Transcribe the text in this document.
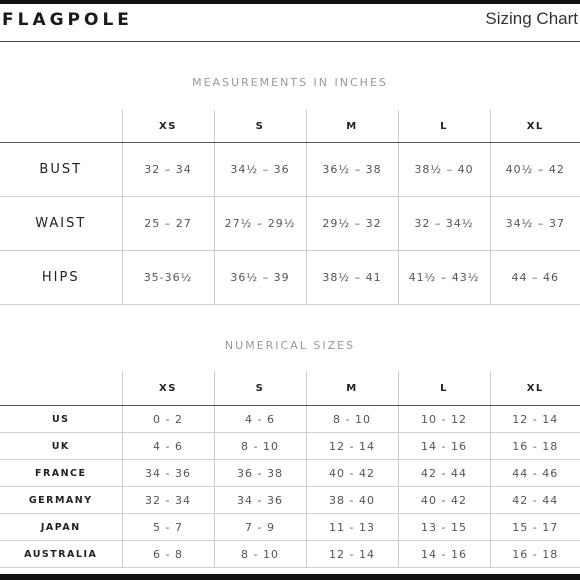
FLAGPOLE	Sizing Chart
MEASUREMENTS IN INCHES
	XS	S	M	L	XL
BUST	32 – 34	34½ – 36	36½ – 38	38½ – 40	40½ – 42
WAIST	25 – 27	27½ – 29½	29½ – 32	32 – 34½	34½ – 37
HIPS	35-36½	36½ – 39	38½ – 41	41½ – 43½	44 – 46
NUMERICAL SIZES
	XS	S	M	L	XL
US	0 - 2	4 - 6	8 - 10	10 - 12	12 - 14
UK	4 - 6	8 - 10	12 - 14	14 - 16	16 - 18
FRANCE	34 - 36	36 - 38	40 - 42	42 - 44	44 - 46
GERMANY	32 - 34	34 - 36	38 - 40	40 - 42	42 - 44
JAPAN	5 - 7	7 - 9	11 - 13	13 - 15	15 - 17
AUSTRALIA	6 - 8	8 - 10	12 - 14	14 - 16	16 - 18
